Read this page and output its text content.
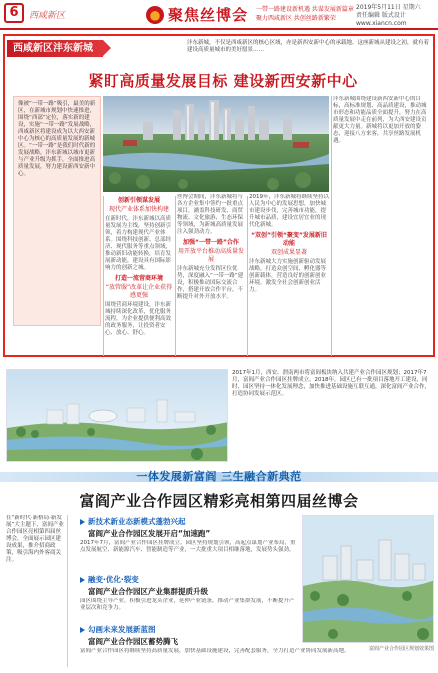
6	西咸新区	聚焦丝博会 一带一路建设新机遇 共谋发展新篇章
聚力西咸新区 共创丝路新繁荣
2019年5月11日 星期六
责任编辑 版式设计
www.xiancn.com
西咸新区沣东新城	沣东新城，不仅是西咸新区的核心区域，亦是新西安新中心的承载地。这座新城从建设之初，就有着建设高质量城市的美好愿景……
紧盯高质量发展目标 建设新西安新中心
像被“一带一路”吸引，最美的新区，在新城市规划中快速推进，围绕“西部”定位，落实新的建设，实施“一带一路”发展战略，西咸新区将建设成为以大西安新中心为核心的高质量发展的新城区。“一带一路”是我们时代新的发展战略，沣东新城以城市更新与产业升级为抓手，全面推进高质量发展，努力建设新西安新中心。
创新引领谋发展
现代产业体系加快构建
在新时代，沣东新城以高质量发展为主线，坚持创新引领，着力构建现代产业体系。围绕科技创新、总部经济、现代服务等重点领域，推动新旧动能转换，培育发展新动能，建设具有国际影响力的创新之城。
打造一流营商环境
“放管服”改革让企业获得感更强
围绕营商环境建设，沣东新城持续深化改革，优化服务流程，为企业提供便利高效的政务服务，让投资者安心、放心、舒心。
丝博会期间，沣东新城将与各方企业集中签约一批重点项目，涵盖科技研发、商贸物流、文化旅游、生态环保等领域，为新城高质量发展注入强劲动力。
加强“一带一路”合作
用开放平台推动高质量发展
沣东新城充分发挥区位优势，深度融入“一带一路”建设，积极推动国际交流合作，搭建开放合作平台，不断提升对外开放水平。
2019年，沣东新城将继续坚持以人民为中心的发展思想，加快城市建设步伐，完善城市功能，提升城市品质，建设宜居宜业的现代化新城。
“双创”引领“聚变”发展新旧动能
双创成果显著
沣东新城大力实施创新驱动发展战略，打造众创空间、孵化器等创新载体，营造良好的创新创业环境，激发全社会创新创业活力。
沣东新城围绕建设新西安新中心的目标，高标准规划、高品质建设，推动城市形态和功能品质全面提升，努力在高质量发展中走在前列，为大西安建设贡献更大力量。新城将以更加开放的姿态，迎接八方来客，共享丝路发展机遇。
2017年1月，西安、渭南两市将富阎板块纳入共建产业合作园区规划；2017年7月，富阎产业合作园区挂牌成立。2018年，园区已有一批项目落地开工建设，同时，园区坚持一体化发展理念，加快推进基础设施互联互通，深化富阎产业合作，打造协同发展示范区。
一体发展新富阎 三生融合新典范
富阎产业合作园区精彩亮相第四届丝博会
在“新时代·新格局·新发展”大主题下，富阎产业合作园区亮相第四届丝博会，全面展示园区建设成果，推介招商政策，吸引海内外客商关注。
新技术新业态新模式蓬勃兴起
富阎产业合作园区发展开启“加速跑”
2017年7月，富阎产业合作园区挂牌成立。园区坚持规划引领，高起点谋划产业布局，重点发展航空、新能源汽车、智能制造等产业，一大批重大项目相继落地，发展势头强劲。
融变·优化·裂变
富阎产业合作园区产业集群提质升级
园区围绕主导产业，积极引进龙头企业，延伸产业链条，推动产业集群发展，不断提升产业层次和竞争力。
勾画未来发展新蓝图
富阎产业合作园区蓄势腾飞
富阎产业合作园区将继续坚持高质量发展，加快基础设施建设，完善配套服务，全力打造产业协同发展新高地。	富阎产业合作园区规划效果图
